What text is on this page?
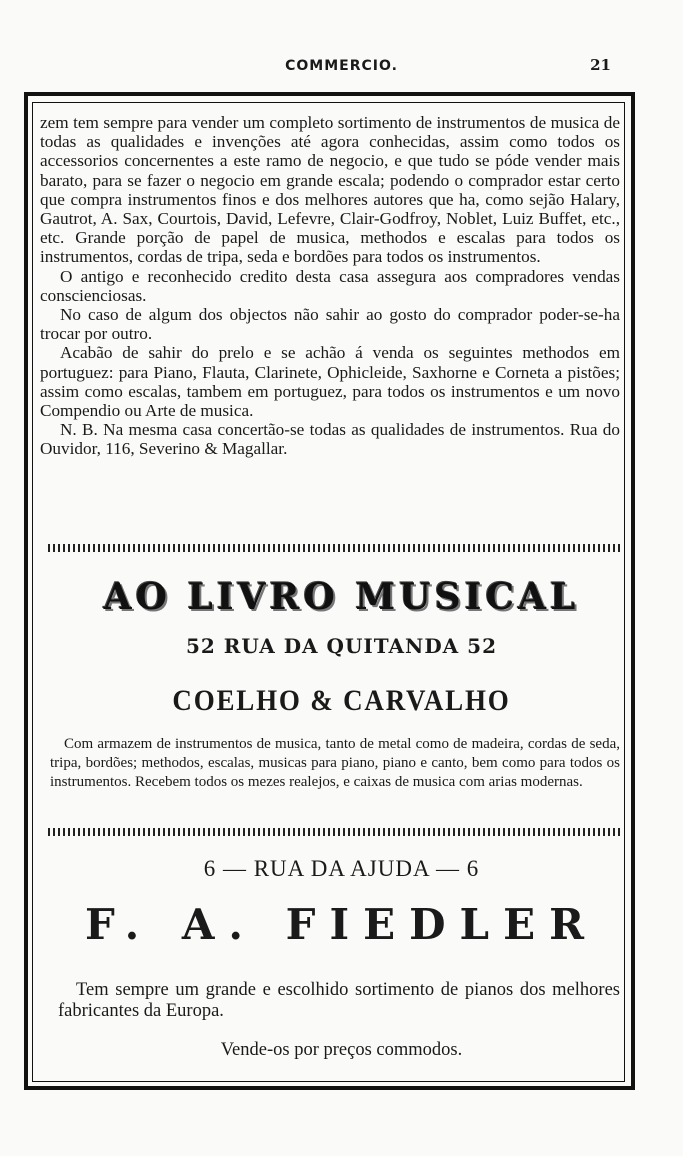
COMMERCIO.	21

zem tem sempre para vender um completo sortimento de instrumentos de musica de todas as qualidades e invenções até agora conhecidas, assim como todos os accessorios concernentes a este ramo de negocio, e que tudo se póde vender mais barato, para se fazer o negocio em grande escala; podendo o comprador estar certo que compra instrumentos finos e dos melhores autores que ha, como sejão Halary, Gautrot, A. Sax, Courtois, David, Lefevre, Clair-Godfroy, Noblet, Luiz Buffet, etc., etc. Grande porção de papel de musica, methodos e escalas para todos os instrumentos, cordas de tripa, seda e bordões para todos os instrumentos.

O antigo e reconhecido credito desta casa assegura aos compradores vendas conscienciosas.

No caso de algum dos objectos não sahir ao gosto do comprador poder-se-ha trocar por outro.

Acabão de sahir do prelo e se achão á venda os seguintes methodos em portuguez: para Piano, Flauta, Clarinete, Ophicleide, Saxhorne e Corneta a pistões; assim como escalas, tambem em portuguez, para todos os instrumentos e um novo Compendio ou Arte de musica.

N. B. Na mesma casa concertão-se todas as qualidades de instrumentos. Rua do Ouvidor, 116, Severino & Magallar.

AO LIVRO MUSICAL
52 RUA DA QUITANDA 52
COELHO & CARVALHO

Com armazem de instrumentos de musica, tanto de metal como de madeira, cordas de seda, tripa, bordões; methodos, escalas, musicas para piano, piano e canto, bem como para todos os instrumentos. Recebem todos os mezes realejos, e caixas de musica com arias modernas.

6 — RUA DA AJUDA — 6
F. A. FIEDLER

Tem sempre um grande e escolhido sortimento de pianos dos melhores fabricantes da Europa.

Vende-os por preços commodos.
